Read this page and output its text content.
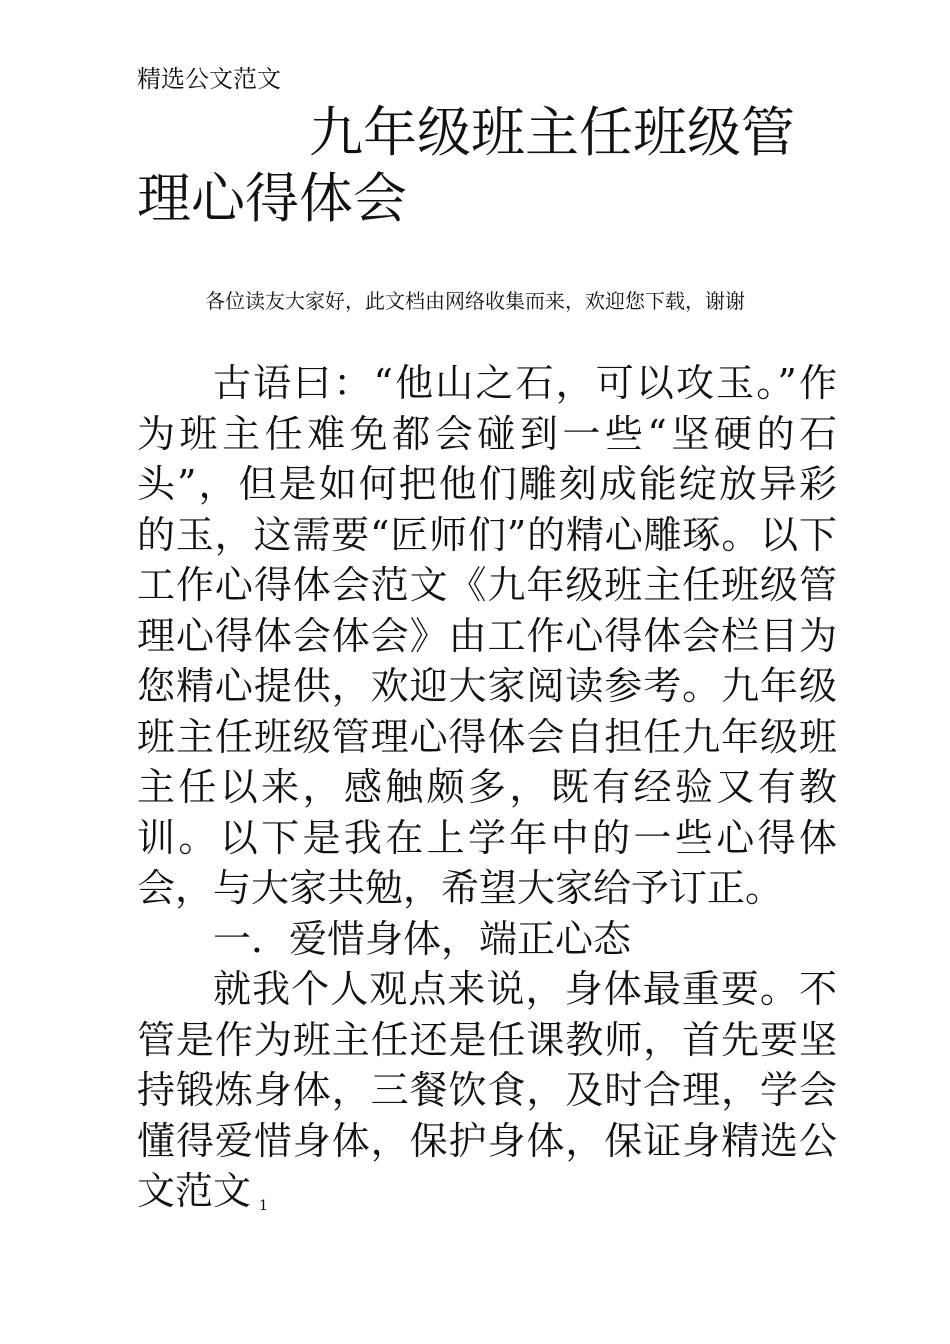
精选公文范文
九年级班主任班级管理心得体会
各位读友大家好，此文档由网络收集而来，欢迎您下载，谢谢

古语曰：“他山之石，可以攻玉。”作为班主任难免都会碰到一些“坚硬的石头”，但是如何把他们雕刻成能绽放异彩的玉，这需要“匠师们”的精心雕琢。以下工作心得体会范文《九年级班主任班级管理心得体会体会》由工作心得体会栏目为您精心提供，欢迎大家阅读参考。九年级班主任班级管理心得体会自担任九年级班主任以来，感触颇多，既有经验又有教训。以下是我在上学年中的一些心得体会，与大家共勉，希望大家给予订正。

一．爱惜身体，端正心态

就我个人观点来说，身体最重要。不管是作为班主任还是任课教师，首先要坚持锻炼身体，三餐饮食，及时合理，学会懂得爱惜身体，保护身体，保证身精选公文范文 1
